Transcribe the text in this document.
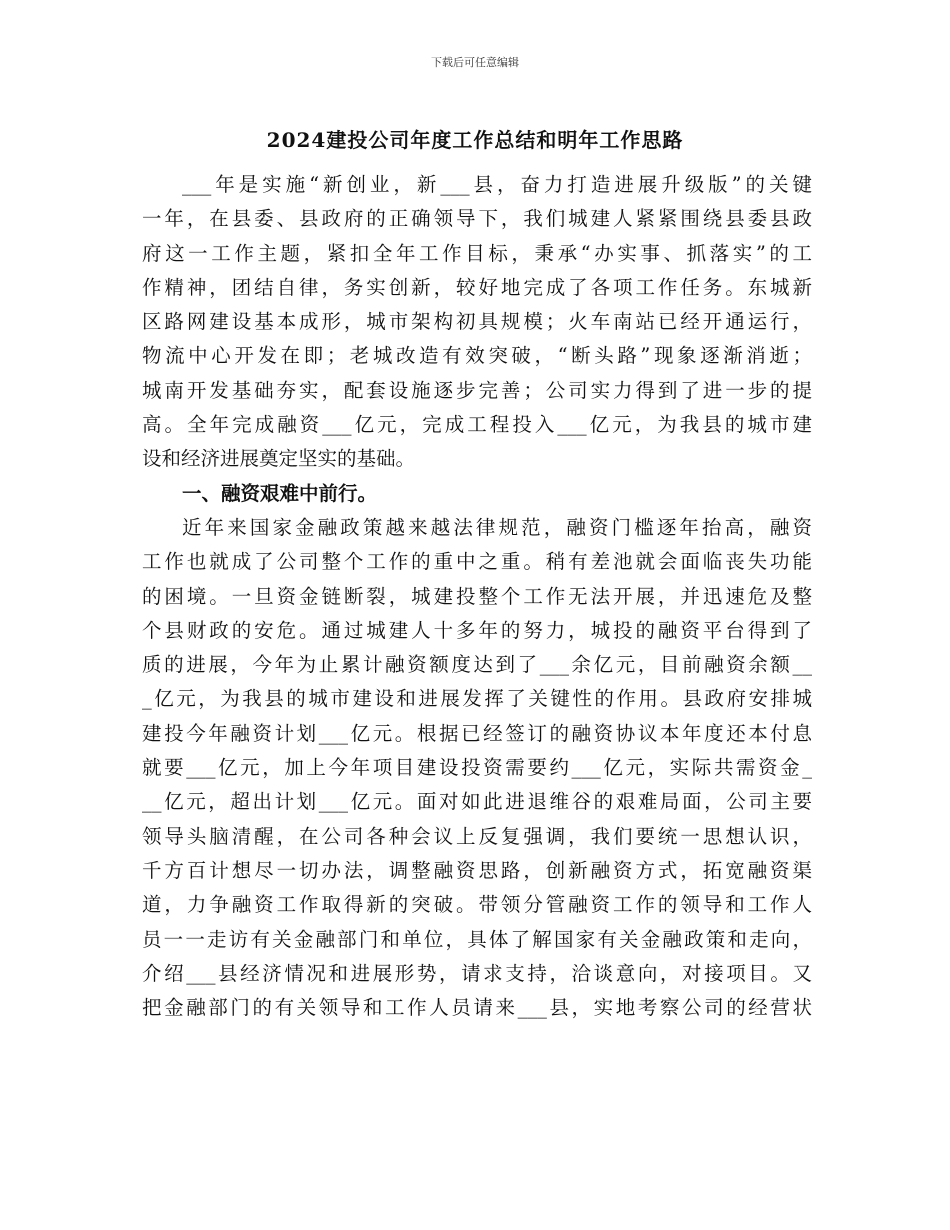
下载后可任意编辑
2024建投公司年度工作总结和明年工作思路
___年是实施“新创业，新___县，奋力打造进展升级版”的关键
一年，在县委、县政府的正确领导下，我们城建人紧紧围绕县委县政
府这一工作主题，紧扣全年工作目标，秉承“办实事、抓落实”的工
作精神，团结自律，务实创新，较好地完成了各项工作任务。东城新
区路网建设基本成形，城市架构初具规模；火车南站已经开通运行，
物流中心开发在即；老城改造有效突破，“断头路”现象逐渐消逝；
城南开发基础夯实，配套设施逐步完善；公司实力得到了进一步的提
高。全年完成融资___亿元，完成工程投入___亿元，为我县的城市建
设和经济进展奠定坚实的基础。
一、融资艰难中前行。
近年来国家金融政策越来越法律规范，融资门槛逐年抬高，融资
工作也就成了公司整个工作的重中之重。稍有差池就会面临丧失功能
的困境。一旦资金链断裂，城建投整个工作无法开展，并迅速危及整
个县财政的安危。通过城建人十多年的努力，城投的融资平台得到了
质的进展，今年为止累计融资额度达到了___余亿元，目前融资余额__
_亿元，为我县的城市建设和进展发挥了关键性的作用。县政府安排城
建投今年融资计划___亿元。根据已经签订的融资协议本年度还本付息
就要___亿元，加上今年项目建设投资需要约___亿元，实际共需资金_
__亿元，超出计划___亿元。面对如此进退维谷的艰难局面，公司主要
领导头脑清醒，在公司各种会议上反复强调，我们要统一思想认识，
千方百计想尽一切办法，调整融资思路，创新融资方式，拓宽融资渠
道，力争融资工作取得新的突破。带领分管融资工作的领导和工作人
员一一走访有关金融部门和单位，具体了解国家有关金融政策和走向，
介绍___县经济情况和进展形势，请求支持，洽谈意向，对接项目。又
把金融部门的有关领导和工作人员请来___县，实地考察公司的经营状
